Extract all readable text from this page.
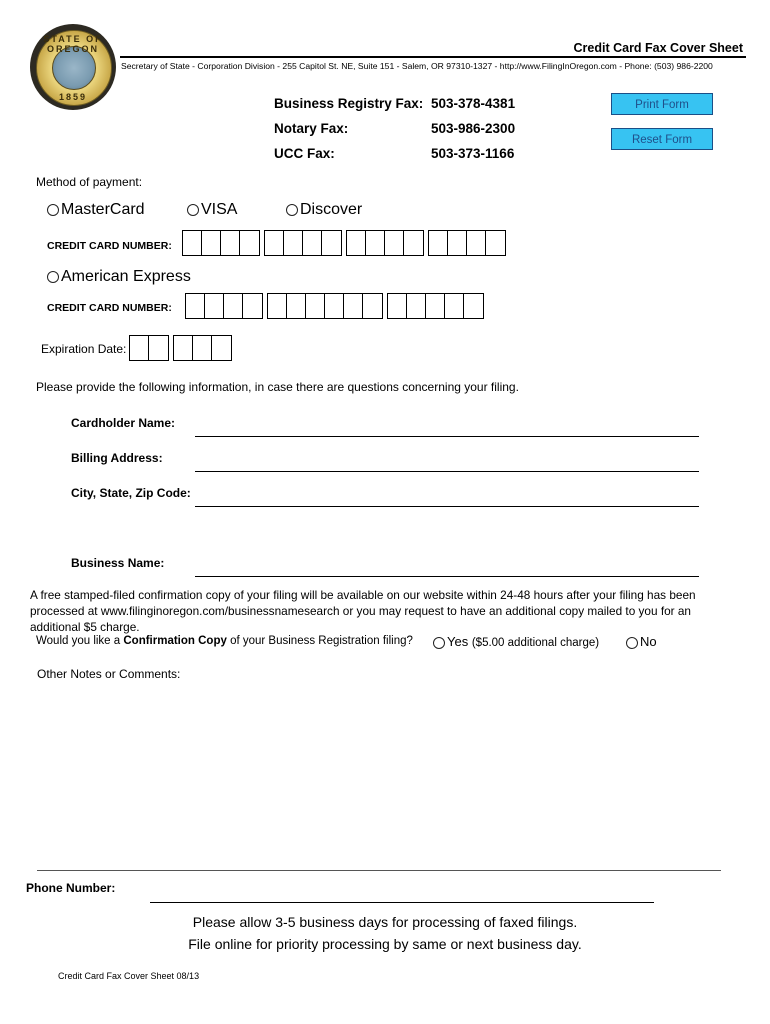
STATE OF OREGON
1859
Credit Card Fax Cover Sheet
Secretary of State - Corporation Division - 255 Capitol St. NE, Suite 151 - Salem, OR 97310-1327 - http://www.FilingInOregon.com - Phone: (503) 986-2200
Business Registry Fax: 503-378-4381
Notary Fax:	503-986-2300
UCC Fax:	503-373-1166
Print Form
Reset Form
Method of payment:
MasterCard	VISA	Discover
CREDIT CARD NUMBER:
American Express
CREDIT CARD NUMBER:
Expiration Date:
Please provide the following information, in case there are questions concerning your filing.
Cardholder Name:
Billing Address:
City, State, Zip Code:
Business Name:
A free stamped-filed confirmation copy of your filing will be available on our website within 24-48 hours after your filing has been processed at www.filinginoregon.com/businessnamesearch or you may request to have an additional copy mailed to you for an additional $5 charge.
Would you like a Confirmation Copy of your Business Registration filing?	Yes ($5.00 additional charge)	No
Other Notes or Comments:
Phone Number:
Please allow 3-5 business days for processing of faxed filings.
File online for priority processing by same or next business day.
Credit Card Fax Cover Sheet 08/13
